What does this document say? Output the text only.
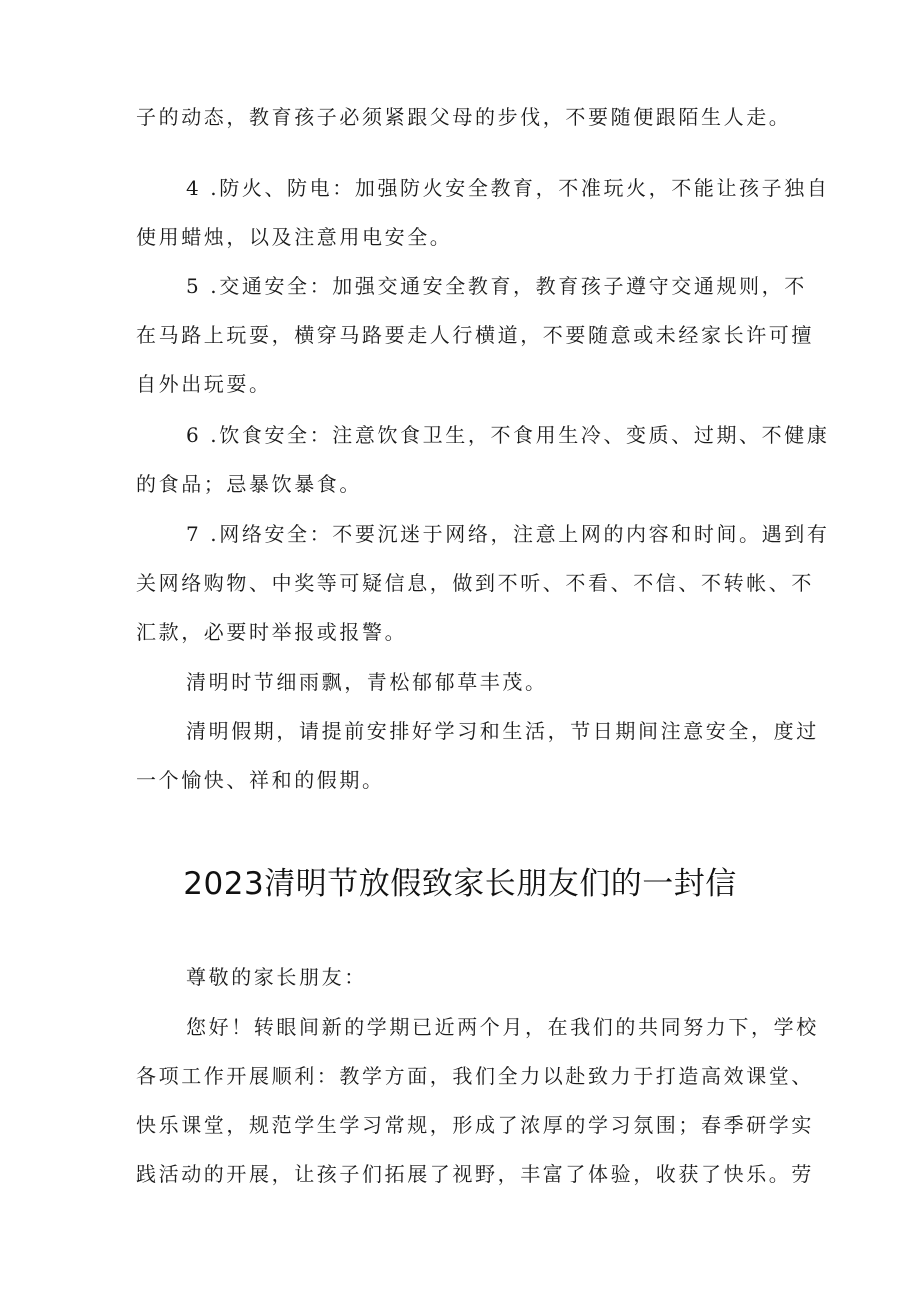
子的动态，教育孩子必须紧跟父母的步伐，不要随便跟陌生人走。
4 .防火、防电：加强防火安全教育，不准玩火，不能让孩子独自
使用蜡烛，以及注意用电安全。
5 .交通安全：加强交通安全教育，教育孩子遵守交通规则，不
在马路上玩耍，横穿马路要走人行横道，不要随意或未经家长许可擅
自外出玩耍。
6 .饮食安全：注意饮食卫生，不食用生冷、变质、过期、不健康
的食品；忌暴饮暴食。
7 .网络安全：不要沉迷于网络，注意上网的内容和时间。遇到有
关网络购物、中奖等可疑信息，做到不听、不看、不信、不转帐、不
汇款，必要时举报或报警。
清明时节细雨飘，青松郁郁草丰茂。
清明假期，请提前安排好学习和生活，节日期间注意安全，度过
一个愉快、祥和的假期。
2023清明节放假致家长朋友们的一封信
尊敬的家长朋友：
您好！转眼间新的学期已近两个月，在我们的共同努力下，学校
各项工作开展顺利：教学方面，我们全力以赴致力于打造高效课堂、
快乐课堂，规范学生学习常规，形成了浓厚的学习氛围；春季研学实
践活动的开展，让孩子们拓展了视野，丰富了体验，收获了快乐。劳
